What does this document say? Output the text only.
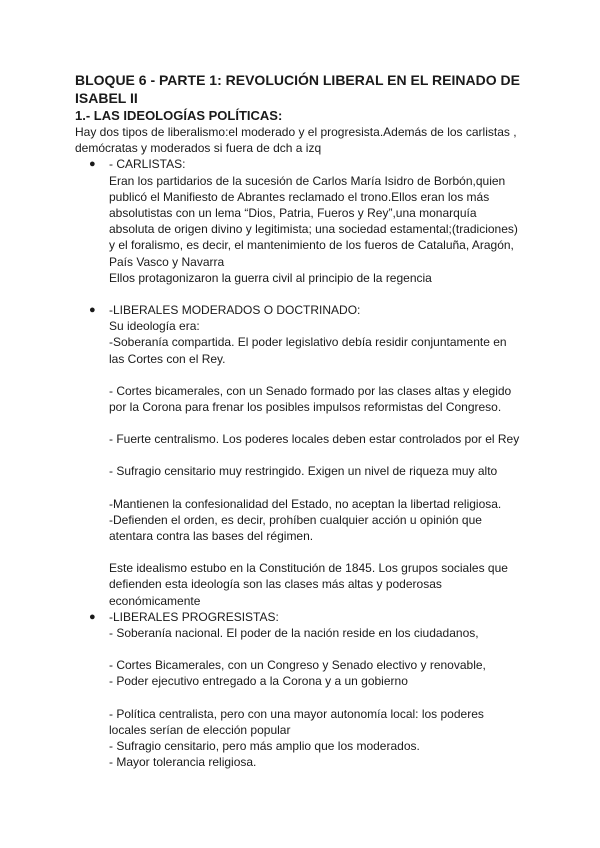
BLOQUE 6 - PARTE 1: REVOLUCIÓN LIBERAL EN EL REINADO DE ISABEL II
1.- LAS IDEOLOGÍAS POLÍTICAS:

Hay dos tipos de liberalismo:el moderado y el progresista.Además de los carlistas ,
demócratas y moderados si fuera de dch a izq

● - CARLISTAS:

Eran los partidarios de la sucesión de Carlos María Isidro de Borbón,quien
publicó el Manifiesto de Abrantes reclamado el trono.Ellos eran los más
absolutistas con un lema “Dios, Patria, Fueros y Rey”,una monarquía
absoluta de origen divino y legitimista; una sociedad estamental;(tradiciones)
y el foralismo, es decir, el mantenimiento de los fueros de Cataluña, Aragón,
País Vasco y Navarra

Ellos protagonizaron la guerra civil al principio de la regencia

● -LIBERALES MODERADOS O DOCTRINADO:

Su ideología era:

-Soberanía compartida. El poder legislativo debía residir conjuntamente en
las Cortes con el Rey.

- Cortes bicamerales, con un Senado formado por las clases altas y elegido
por la Corona para frenar los posibles impulsos reformistas del Congreso.

- Fuerte centralismo. Los poderes locales deben estar controlados por el Rey

- Sufragio censitario muy restringido. Exigen un nivel de riqueza muy alto

-Mantienen la confesionalidad del Estado, no aceptan la libertad religiosa.
-Defienden el orden, es decir, prohíben cualquier acción u opinión que
atentara contra las bases del régimen.

Este idealismo estubo en la Constitución de 1845. Los grupos sociales que
defienden esta ideología son las clases más altas y poderosas
económicamente

● -LIBERALES PROGRESISTAS:

- Soberanía nacional. El poder de la nación reside en los ciudadanos,

- Cortes Bicamerales, con un Congreso y Senado electivo y renovable,
- Poder ejecutivo entregado a la Corona y a un gobierno

- Política centralista, pero con una mayor autonomía local: los poderes
locales serían de elección popular
- Sufragio censitario, pero más amplio que los moderados.
- Mayor tolerancia religiosa.
